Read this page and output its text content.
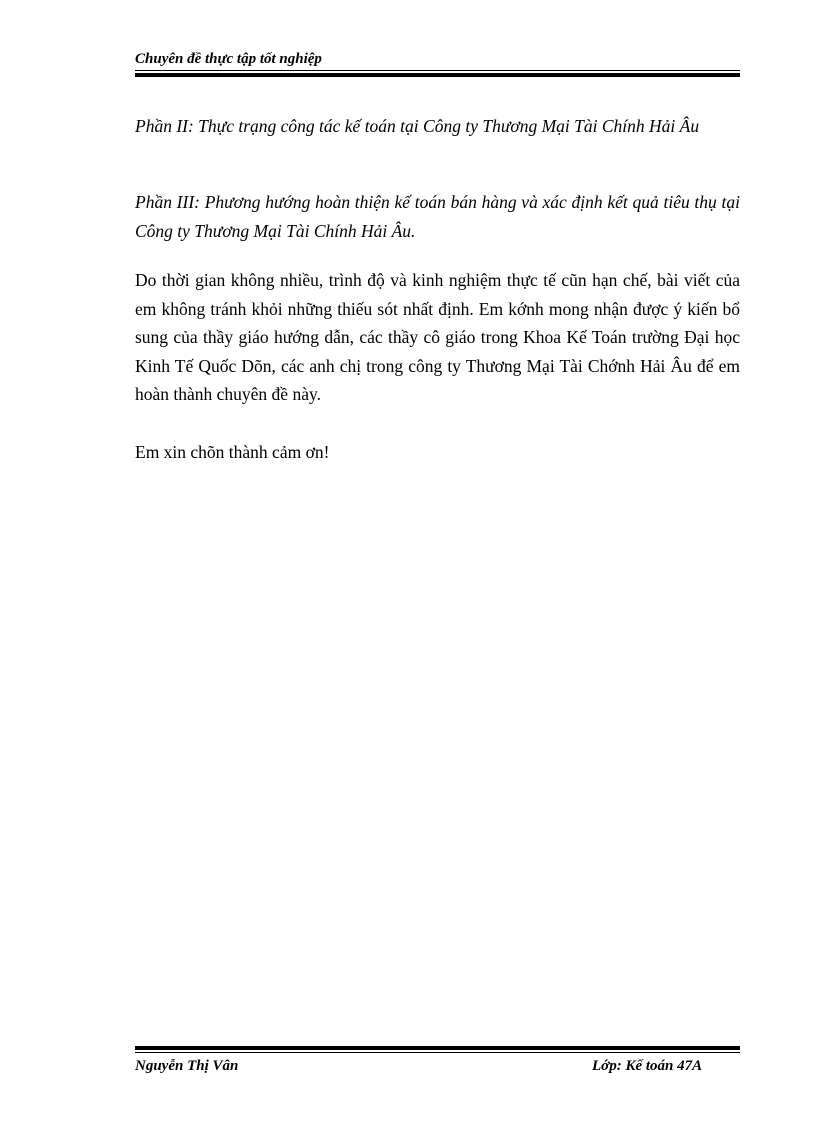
Chuyên đề thực tập tốt nghiệp
Phần II: Thực trạng công tác kế toán tại Công ty Thương Mại Tài Chính Hải Âu
Phần III: Phương hướng hoàn thiện kế toán bán hàng và xác định kết quả tiêu thụ tại Công ty Thương Mại Tài Chính Hải Âu.
Do thời gian không nhiều, trình độ và kinh nghiệm thực tế cũn hạn chế, bài viết của em không tránh khỏi những thiếu sót nhất định. Em kớnh mong nhận được ý kiến bổ sung của thầy giáo hướng dẫn, các thầy cô giáo trong Khoa Kế Toán trường Đại học Kinh Tế Quốc Dõn, các anh chị trong công ty Thương Mại Tài Chớnh Hải Âu để em hoàn thành chuyên đề này.
Em xin chõn thành cảm ơn!
Nguyễn Thị Vân	Lớp: Kế toán 47A
